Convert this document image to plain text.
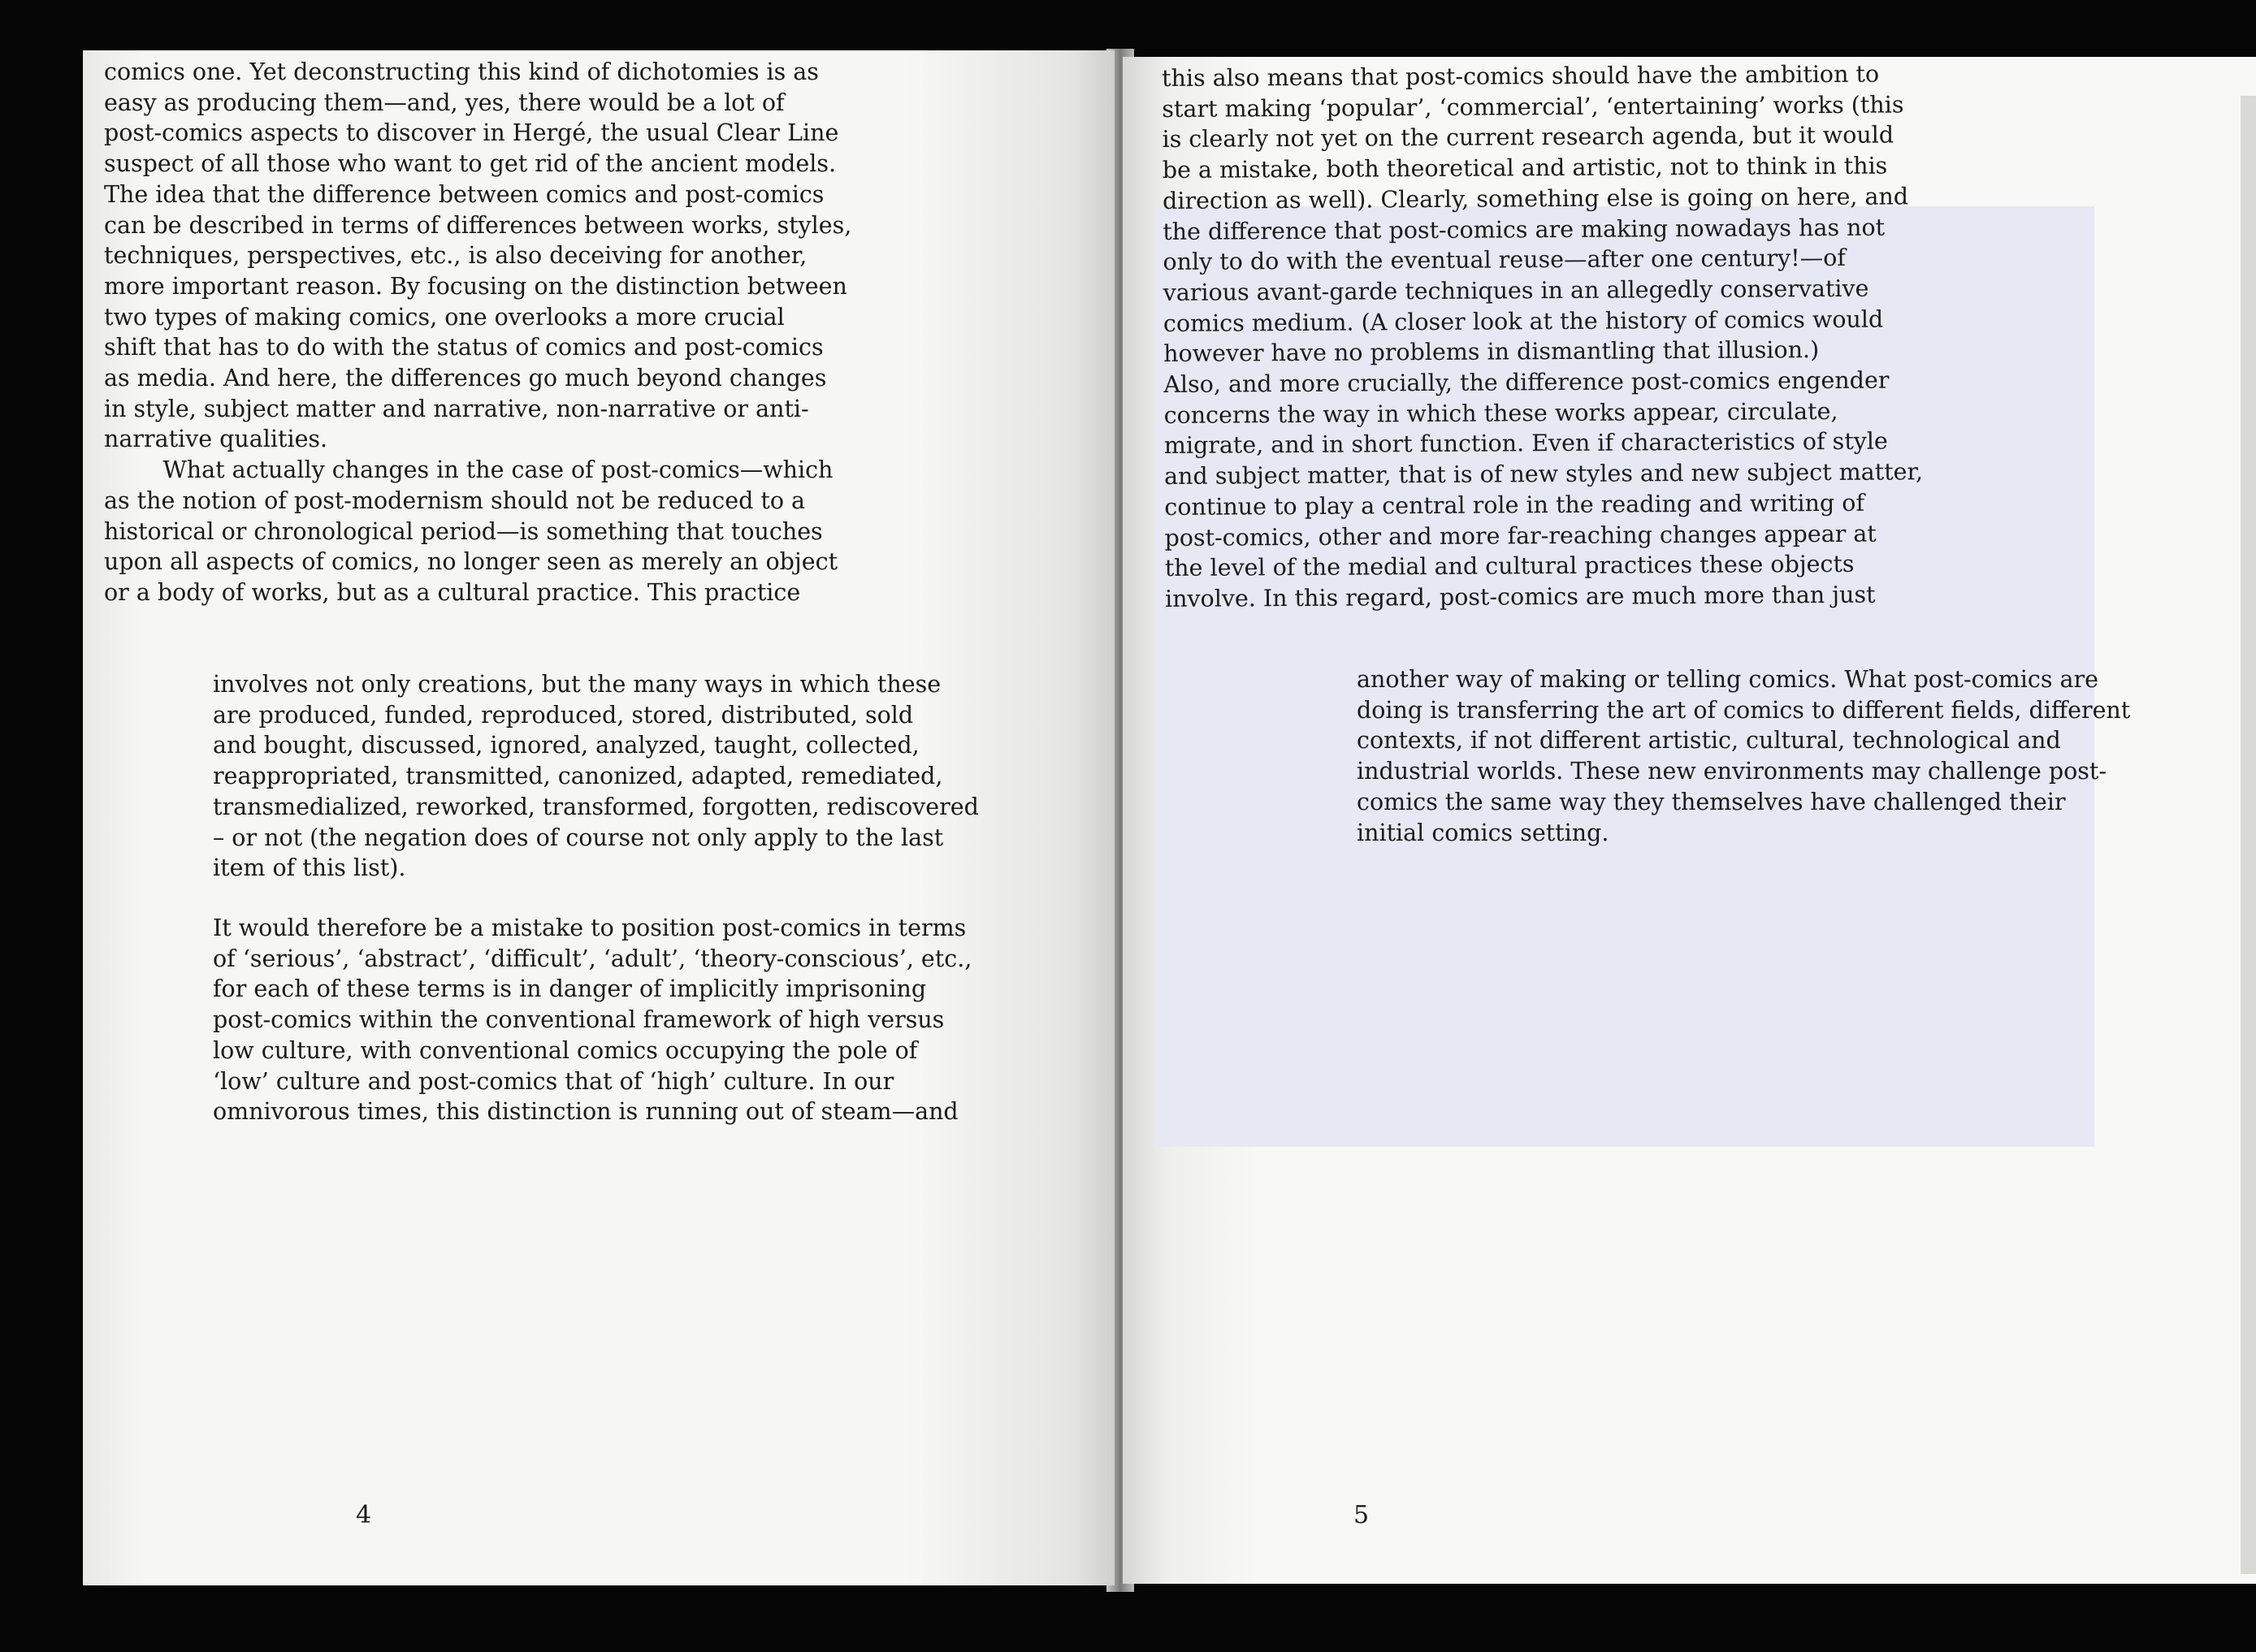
comics one. Yet deconstructing this kind of dichotomies is as
easy as producing them—and, yes, there would be a lot of
post-comics aspects to discover in Hergé, the usual Clear Line
suspect of all those who want to get rid of the ancient models.
The idea that the difference between comics and post-comics
can be described in terms of differences between works, styles,
techniques, perspectives, etc., is also deceiving for another,
more important reason. By focusing on the distinction between
two types of making comics, one overlooks a more crucial
shift that has to do with the status of comics and post-comics
as media. And here, the differences go much beyond changes
in style, subject matter and narrative, non-narrative or anti-
narrative qualities.
What actually changes in the case of post-comics—which
as the notion of post-modernism should not be reduced to a
historical or chronological period—is something that touches
upon all aspects of comics, no longer seen as merely an object
or a body of works, but as a cultural practice. This practice
involves not only creations, but the many ways in which these
are produced, funded, reproduced, stored, distributed, sold
and bought, discussed, ignored, analyzed, taught, collected,
reappropriated, transmitted, canonized, adapted, remediated,
transmedialized, reworked, transformed, forgotten, rediscovered
– or not (the negation does of course not only apply to the last
item of this list).
It would therefore be a mistake to position post-comics in terms
of ‘serious’, ‘abstract’, ‘difficult’, ‘adult’, ‘theory-conscious’, etc.,
for each of these terms is in danger of implicitly imprisoning
post-comics within the conventional framework of high versus
low culture, with conventional comics occupying the pole of
‘low’ culture and post-comics that of ‘high’ culture. In our
omnivorous times, this distinction is running out of steam—and
this also means that post-comics should have the ambition to
start making ‘popular’, ‘commercial’, ‘entertaining’ works (this
is clearly not yet on the current research agenda, but it would
be a mistake, both theoretical and artistic, not to think in this
direction as well). Clearly, something else is going on here, and
the difference that post-comics are making nowadays has not
only to do with the eventual reuse—after one century!—of
various avant-garde techniques in an allegedly conservative
comics medium. (A closer look at the history of comics would
however have no problems in dismantling that illusion.)
Also, and more crucially, the difference post-comics engender
concerns the way in which these works appear, circulate,
migrate, and in short function. Even if characteristics of style
and subject matter, that is of new styles and new subject matter,
continue to play a central role in the reading and writing of
post-comics, other and more far-reaching changes appear at
the level of the medial and cultural practices these objects
involve. In this regard, post-comics are much more than just
another way of making or telling comics. What post-comics are
doing is transferring the art of comics to different fields, different
contexts, if not different artistic, cultural, technological and
industrial worlds. These new environments may challenge post-
comics the same way they themselves have challenged their
initial comics setting.
4	5
